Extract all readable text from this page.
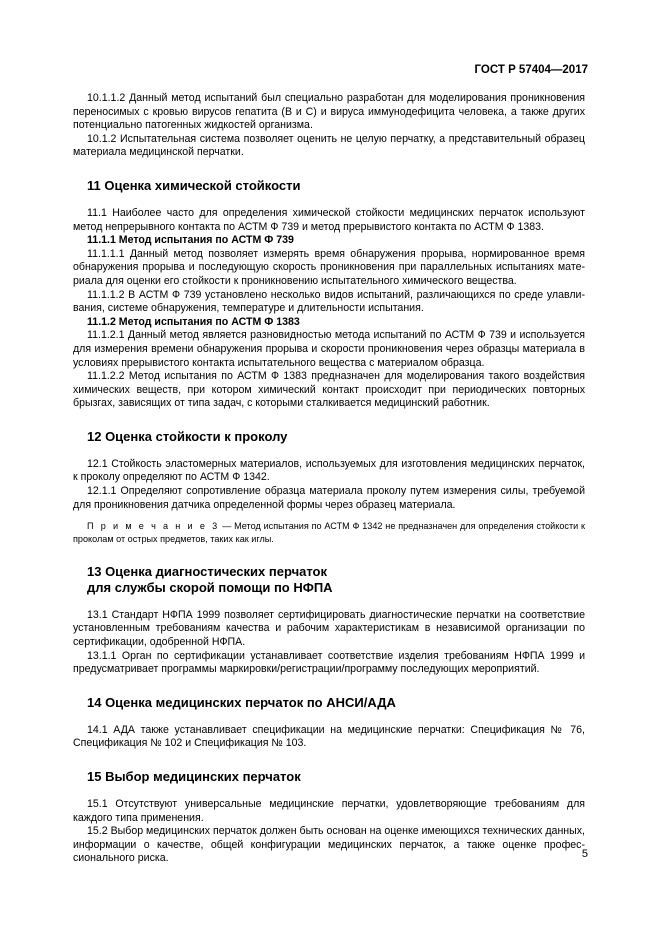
ГОСТ Р 57404—2017

10.1.1.2 Данный метод испытаний был специально разработан для моделирования проникновения переносимых с кровью вирусов гепатита (В и С) и вируса иммунодефицита человека, а также других потенциально патогенных жидкостей организма.

10.1.2 Испытательная система позволяет оценить не целую перчатку, а представительный образец материала медицинской перчатки.

11 Оценка химической стойкости

11.1 Наиболее часто для определения химической стойкости медицинских перчаток используют метод непрерывного контакта по АСТМ Ф 739 и метод прерывистого контакта по АСТМ Ф 1383.

11.1.1 Метод испытания по АСТМ Ф 739

11.1.1.1 Данный метод позволяет измерять время обнаружения прорыва, нормированное время обнаружения прорыва и последующую скорость проникновения при параллельных испытаниях материала для оценки его стойкости к проникновению испытательного химического вещества.

11.1.1.2 В АСТМ Ф 739 установлено несколько видов испытаний, различающихся по среде улавливания, системе обнаружения, температуре и длительности испытания.

11.1.2 Метод испытания по АСТМ Ф 1383

11.1.2.1 Данный метод является разновидностью метода испытаний по АСТМ Ф 739 и используется для измерения времени обнаружения прорыва и скорости проникновения через образцы материала в условиях прерывистого контакта испытательного вещества с материалом образца.

11.1.2.2 Метод испытания по АСТМ Ф 1383 предназначен для моделирования такого воздействия химических веществ, при котором химический контакт происходит при периодических повторных брызгах, зависящих от типа задач, с которыми сталкивается медицинский работник.

12 Оценка стойкости к проколу

12.1 Стойкость эластомерных материалов, используемых для изготовления медицинских перчаток, к проколу определяют по АСТМ Ф 1342.

12.1.1 Определяют сопротивление образца материала проколу путем измерения силы, требуемой для проникновения датчика определенной формы через образец материала.

П р и м е ч а н и е 3 — Метод испытания по АСТМ Ф 1342 не предназначен для определения стойкости к проколам от острых предметов, таких как иглы.

13 Оценка диагностических перчаток
для службы скорой помощи по НФПА

13.1 Стандарт НФПА 1999 позволяет сертифицировать диагностические перчатки на соответствие установленным требованиям качества и рабочим характеристикам в независимой организации по сертификации, одобренной НФПА.

13.1.1 Орган по сертификации устанавливает соответствие изделия требованиям НФПА 1999 и предусматривает программы маркировки/регистрации/программу последующих мероприятий.

14 Оценка медицинских перчаток по АНСИ/АДА

14.1 АДА также устанавливает спецификации на медицинские перчатки: Спецификация № 76, Спецификация № 102 и Спецификация № 103.

15 Выбор медицинских перчаток

15.1 Отсутствуют универсальные медицинские перчатки, удовлетворяющие требованиям для каждого типа применения.

15.2 Выбор медицинских перчаток должен быть основан на оценке имеющихся технических данных, информации о качестве, общей конфигурации медицинских перчаток, а также оценке профессионального риска.	5
